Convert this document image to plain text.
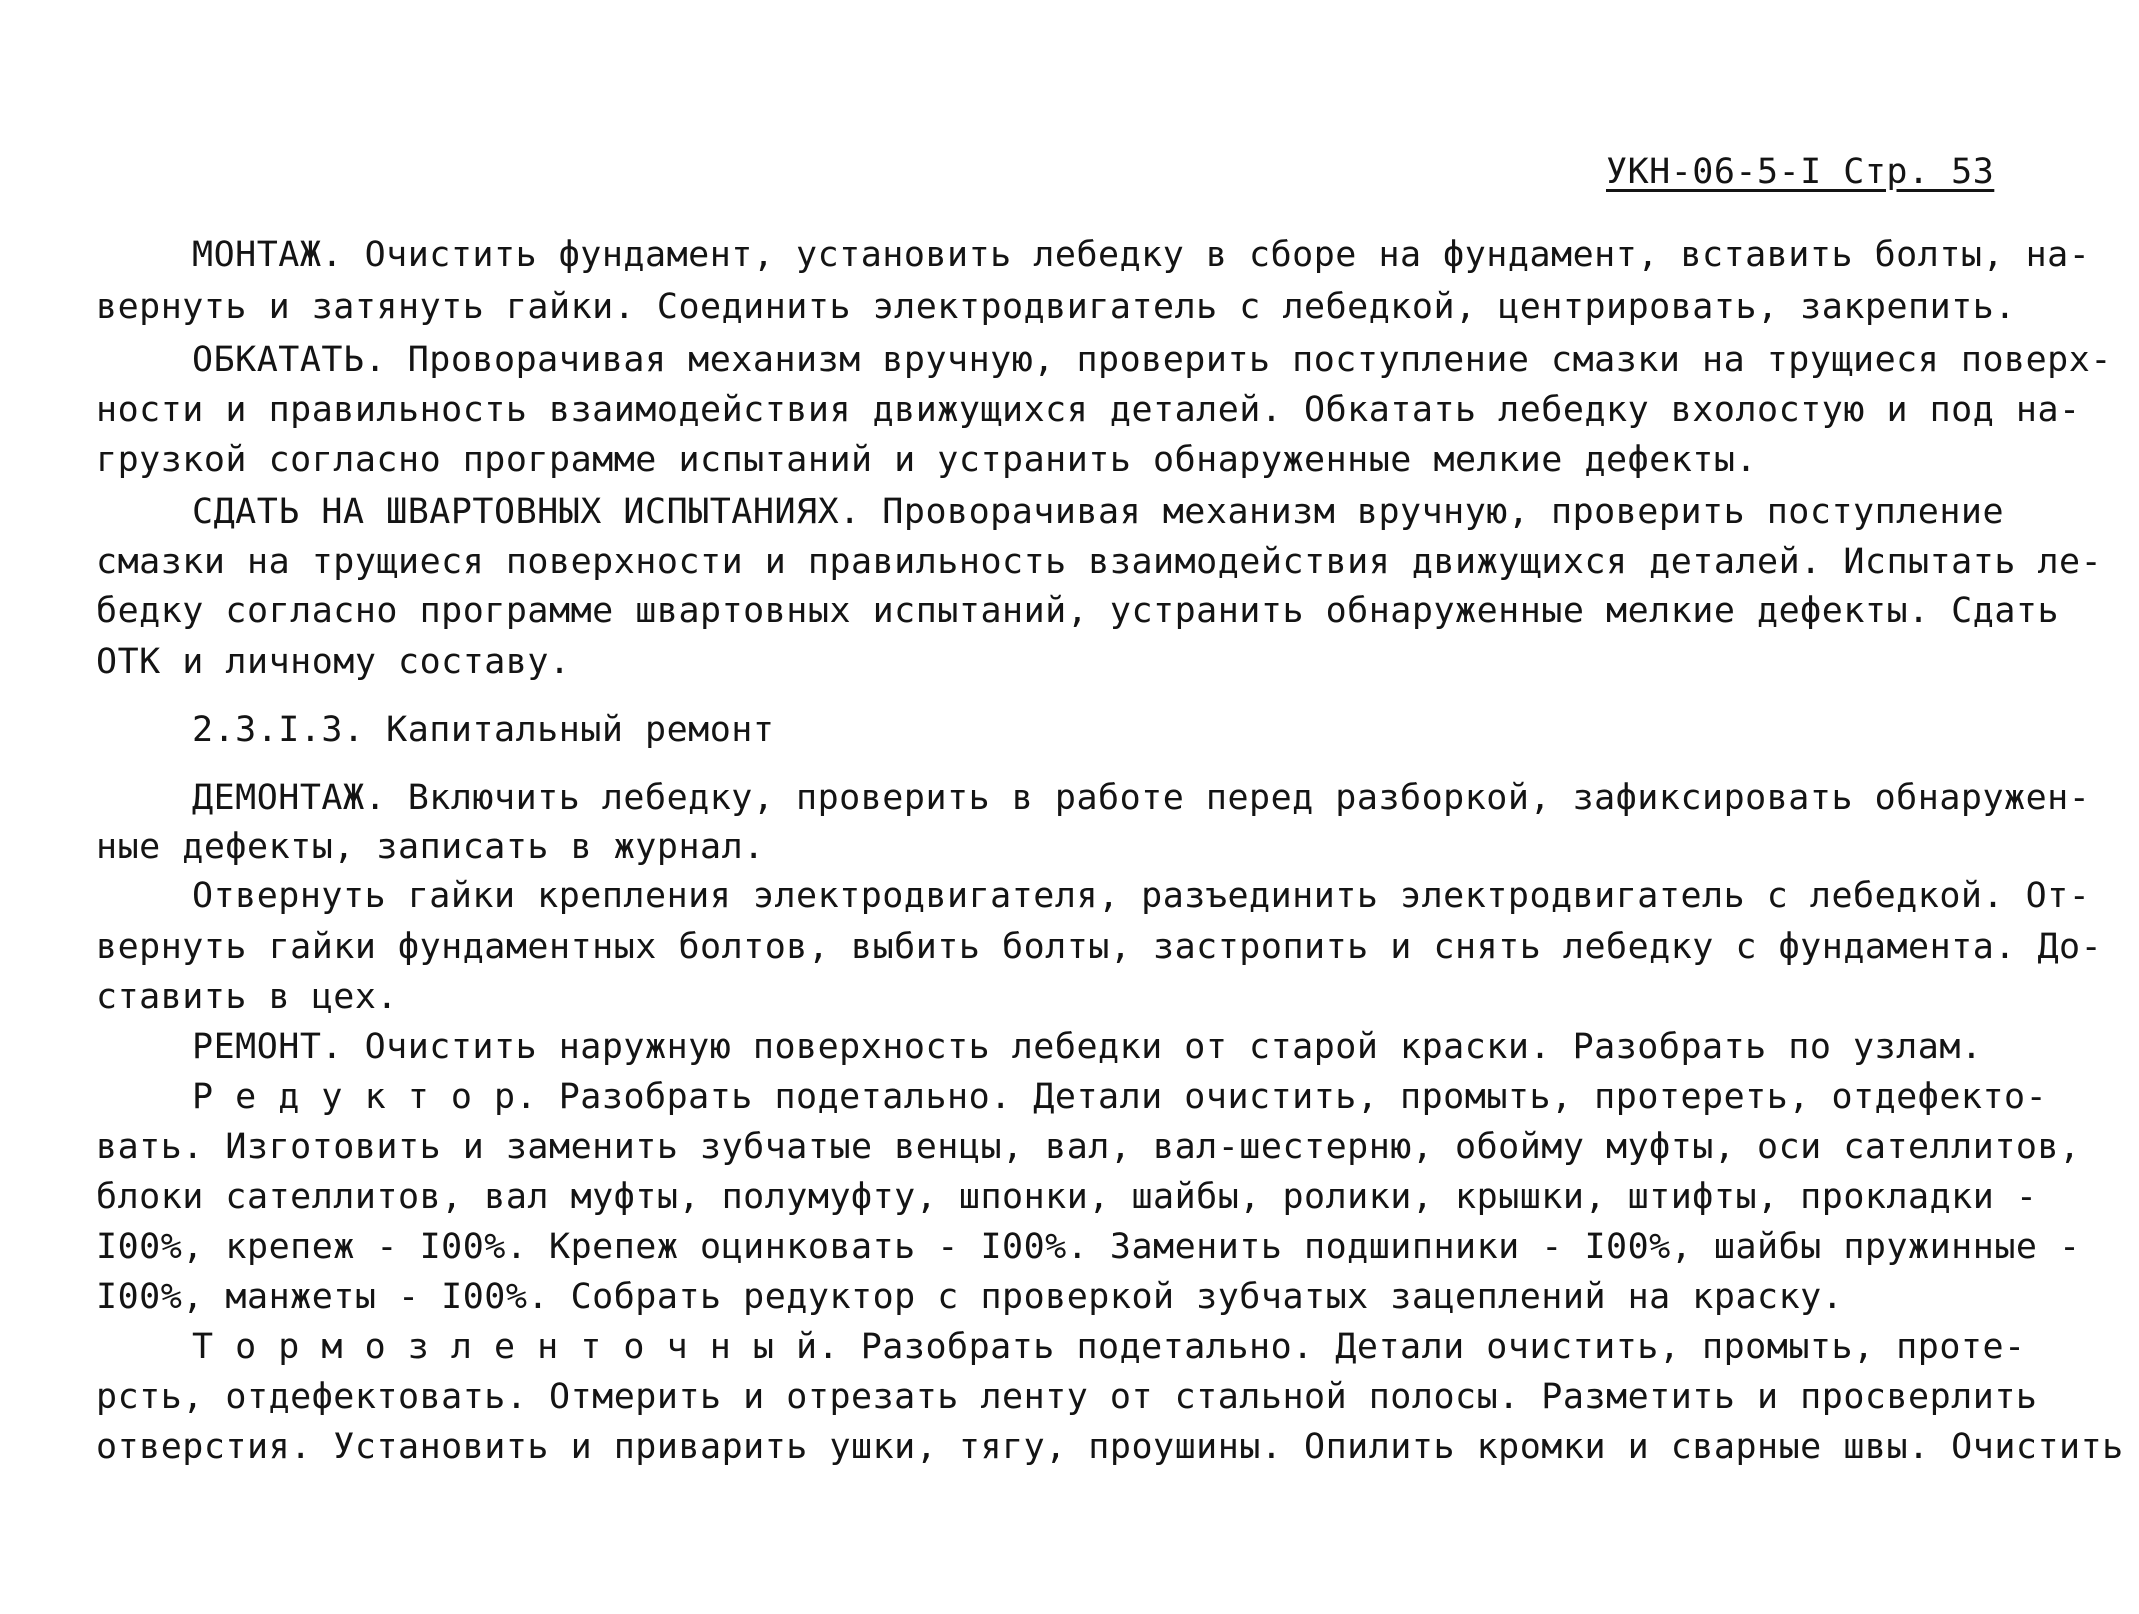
УКН-06-5-I Стр. 53
МОНТАЖ. Очистить фундамент, установить лебедку в сборе на фундамент, вставить болты, на-
вернуть и затянуть гайки. Соединить электродвигатель с лебедкой, центрировать, закрепить.
ОБКАТАТЬ. Проворачивая механизм вручную, проверить поступление смазки на трущиеся поверх-
ности и правильность взаимодействия движущихся деталей. Обкатать лебедку вхолостую и под на-
грузкой согласно программе испытаний и устранить обнаруженные мелкие дефекты.
СДАТЬ НА ШВАРТОВНЫХ ИСПЫТАНИЯХ. Проворачивая механизм вручную, проверить поступление
смазки на трущиеся поверхности и правильность взаимодействия движущихся деталей. Испытать ле-
бедку согласно программе швартовных испытаний, устранить обнаруженные мелкие дефекты. Сдать
ОТК и личному составу.
2.3.I.3. Капитальный ремонт
ДЕМОНТАЖ. Включить лебедку, проверить в работе перед разборкой, зафиксировать обнаружен-
ные дефекты, записать в журнал.
Отвернуть гайки крепления электродвигателя, разъединить электродвигатель с лебедкой. От-
вернуть гайки фундаментных болтов, выбить болты, застропить и снять лебедку с фундамента. До-
ставить в цех.
РЕМОНТ. Очистить наружную поверхность лебедки от старой краски. Разобрать по узлам.
Р е д у к т о р. Разобрать подетально. Детали очистить, промыть, протереть, отдефекто-
вать. Изготовить и заменить зубчатые венцы, вал, вал-шестерню, обойму муфты, оси сателлитов,
блоки сателлитов, вал муфты, полумуфту, шпонки, шайбы, ролики, крышки, штифты, прокладки -
I00%, крепеж - I00%. Крепеж оцинковать - I00%. Заменить подшипники - I00%, шайбы пружинные -
I00%, манжеты - I00%. Собрать редуктор с проверкой зубчатых зацеплений на краску.
Т о р м о з л е н т о ч н ы й. Разобрать подетально. Детали очистить, промыть, проте-
рсть, отдефектовать. Отмерить и отрезать ленту от стальной полосы. Разметить и просверлить
отверстия. Установить и приварить ушки, тягу, проушины. Опилить кромки и сварные швы. Очистить
